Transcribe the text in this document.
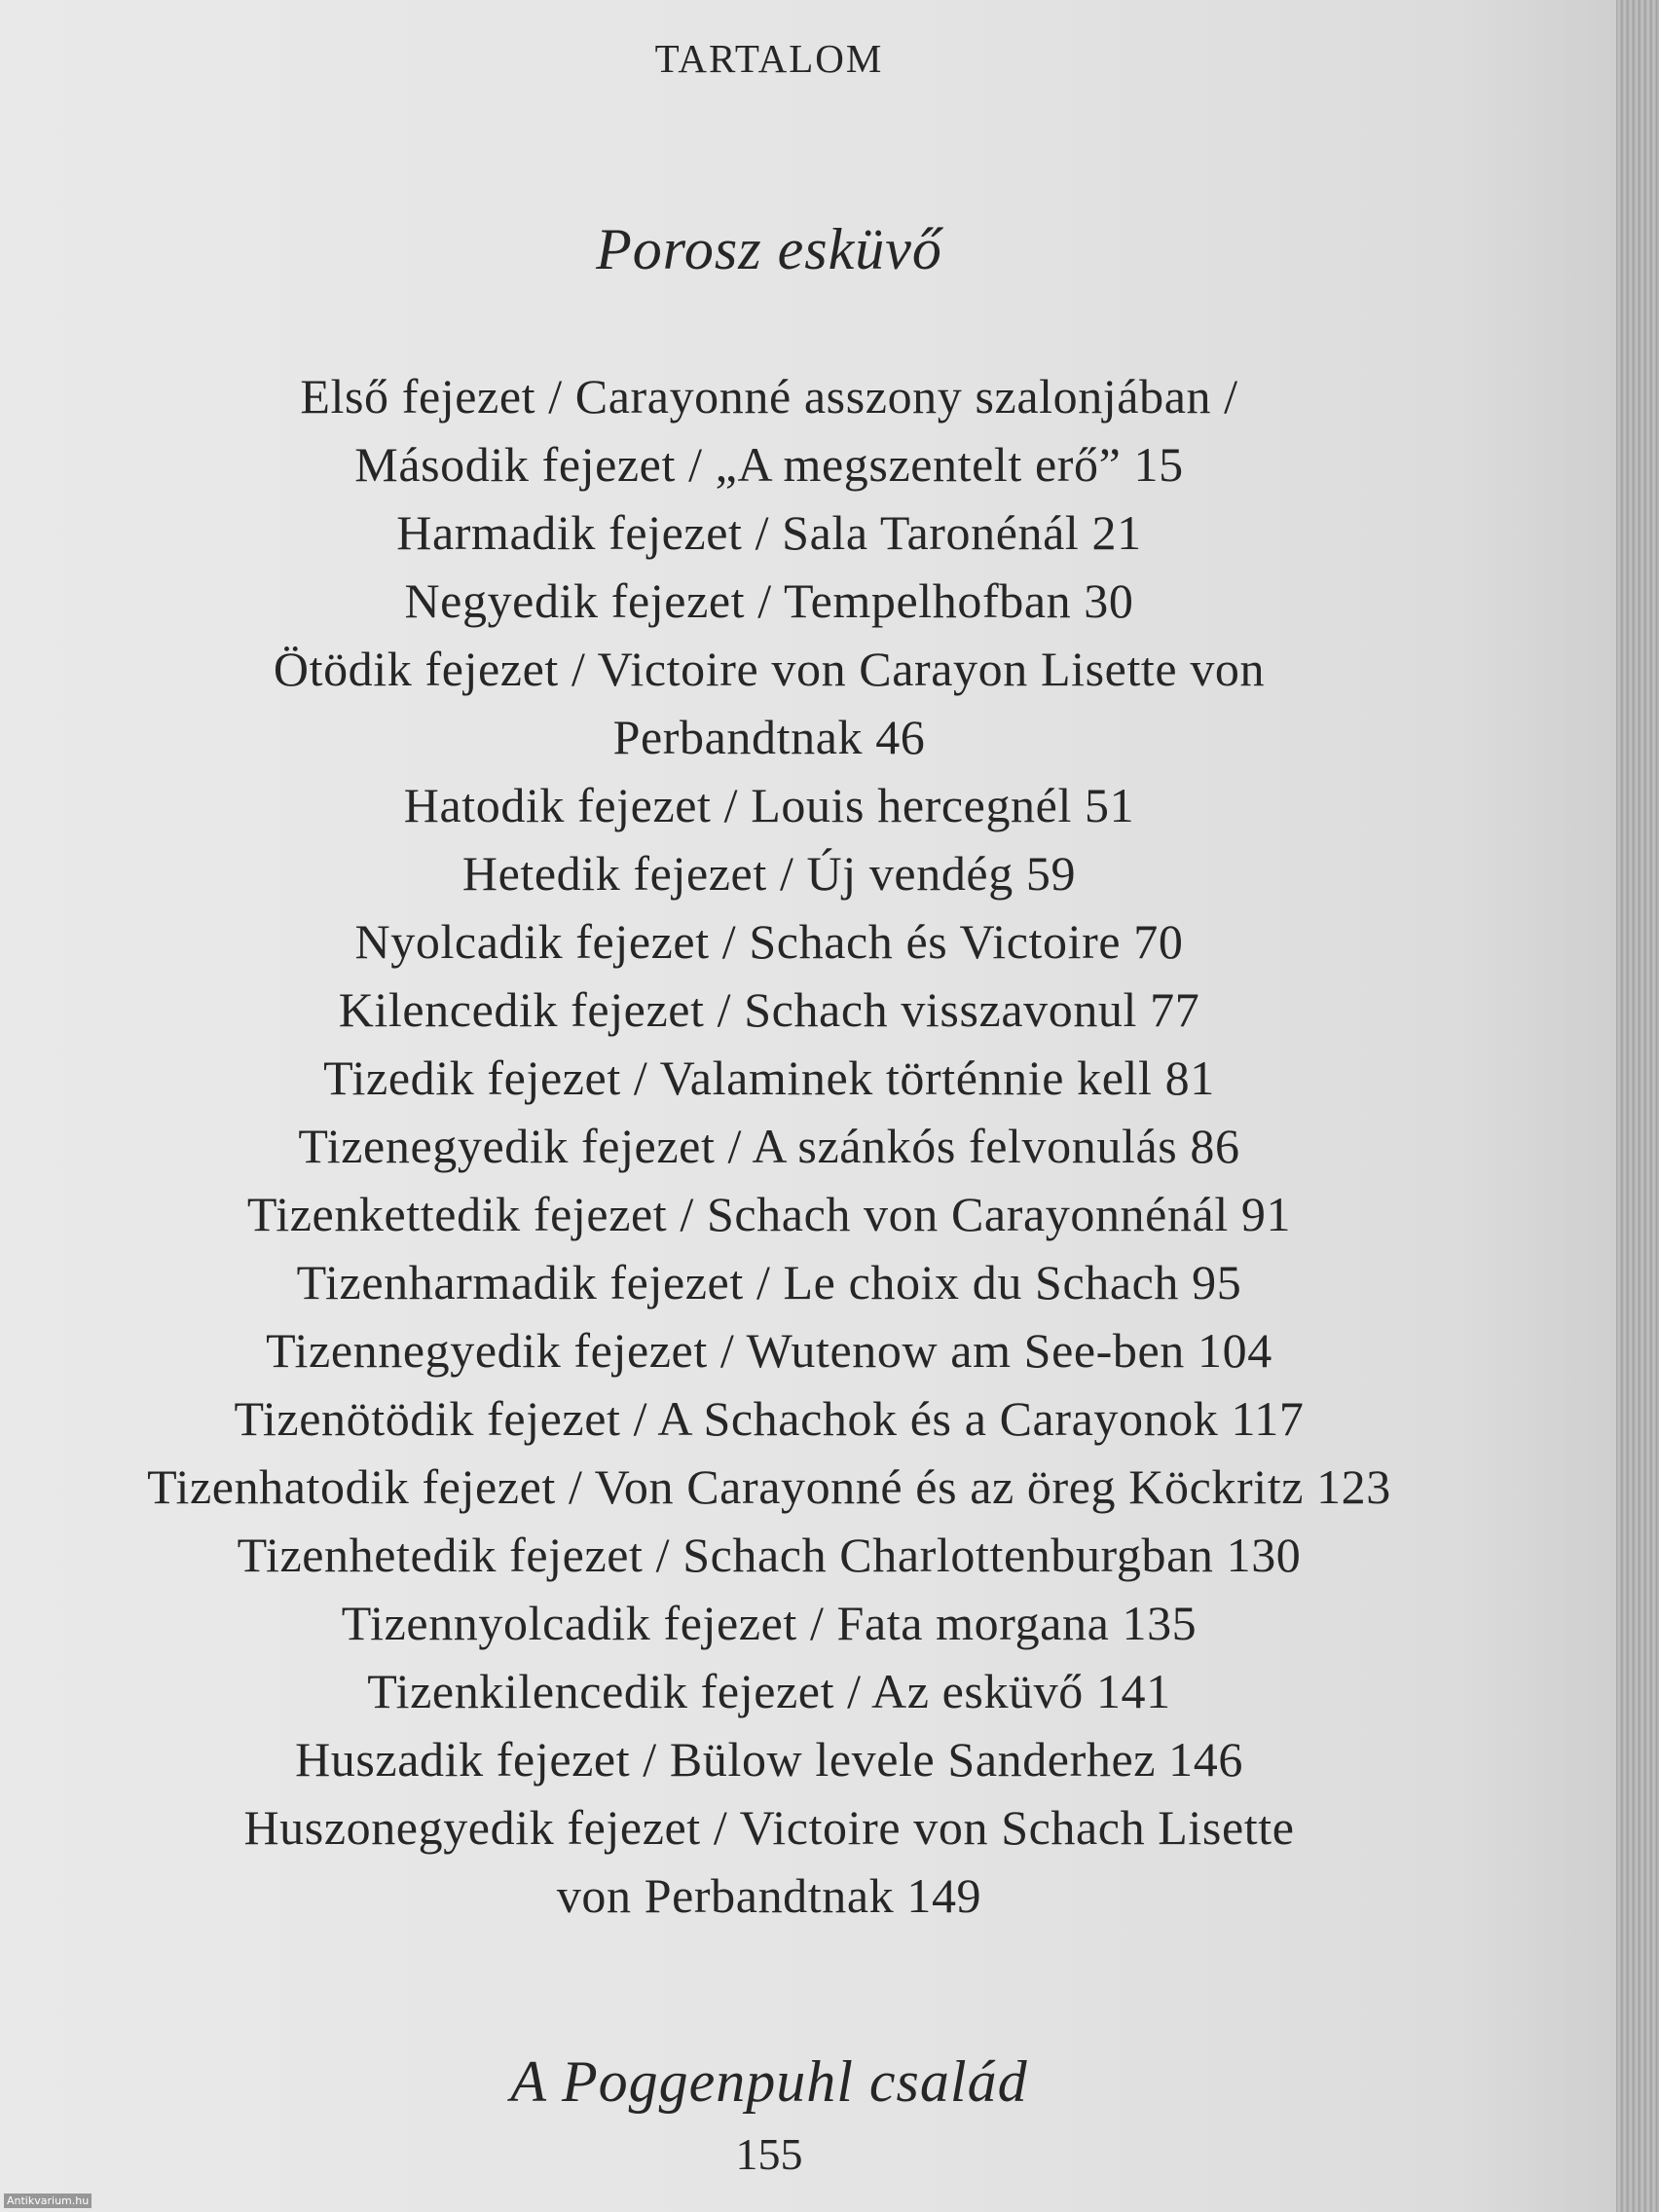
TARTALOM
Porosz esküvő
Első fejezet / Carayonné asszony szalonjában /
Második fejezet / „A megszentelt erő” 15
Harmadik fejezet / Sala Taronénál 21
Negyedik fejezet / Tempelhofban 30
Ötödik fejezet / Victoire von Carayon Lisette von
Perbandtnak 46
Hatodik fejezet / Louis hercegnél 51
Hetedik fejezet / Új vendég 59
Nyolcadik fejezet / Schach és Victoire 70
Kilencedik fejezet / Schach visszavonul 77
Tizedik fejezet / Valaminek történnie kell 81
Tizenegyedik fejezet / A szánkós felvonulás 86
Tizenkettedik fejezet / Schach von Carayonnénál 91
Tizenharmadik fejezet / Le choix du Schach 95
Tizennegyedik fejezet / Wutenow am See-ben 104
Tizenötödik fejezet / A Schachok és a Carayonok 117
Tizenhatodik fejezet / Von Carayonné és az öreg Köckritz 123
Tizenhetedik fejezet / Schach Charlottenburgban 130
Tizennyolcadik fejezet / Fata morgana 135
Tizenkilencedik fejezet / Az esküvő 141
Huszadik fejezet / Bülow levele Sanderhez 146
Huszonegyedik fejezet / Victoire von Schach Lisette
von Perbandtnak 149
A Poggenpuhl család
155
Antikvarium.hu
